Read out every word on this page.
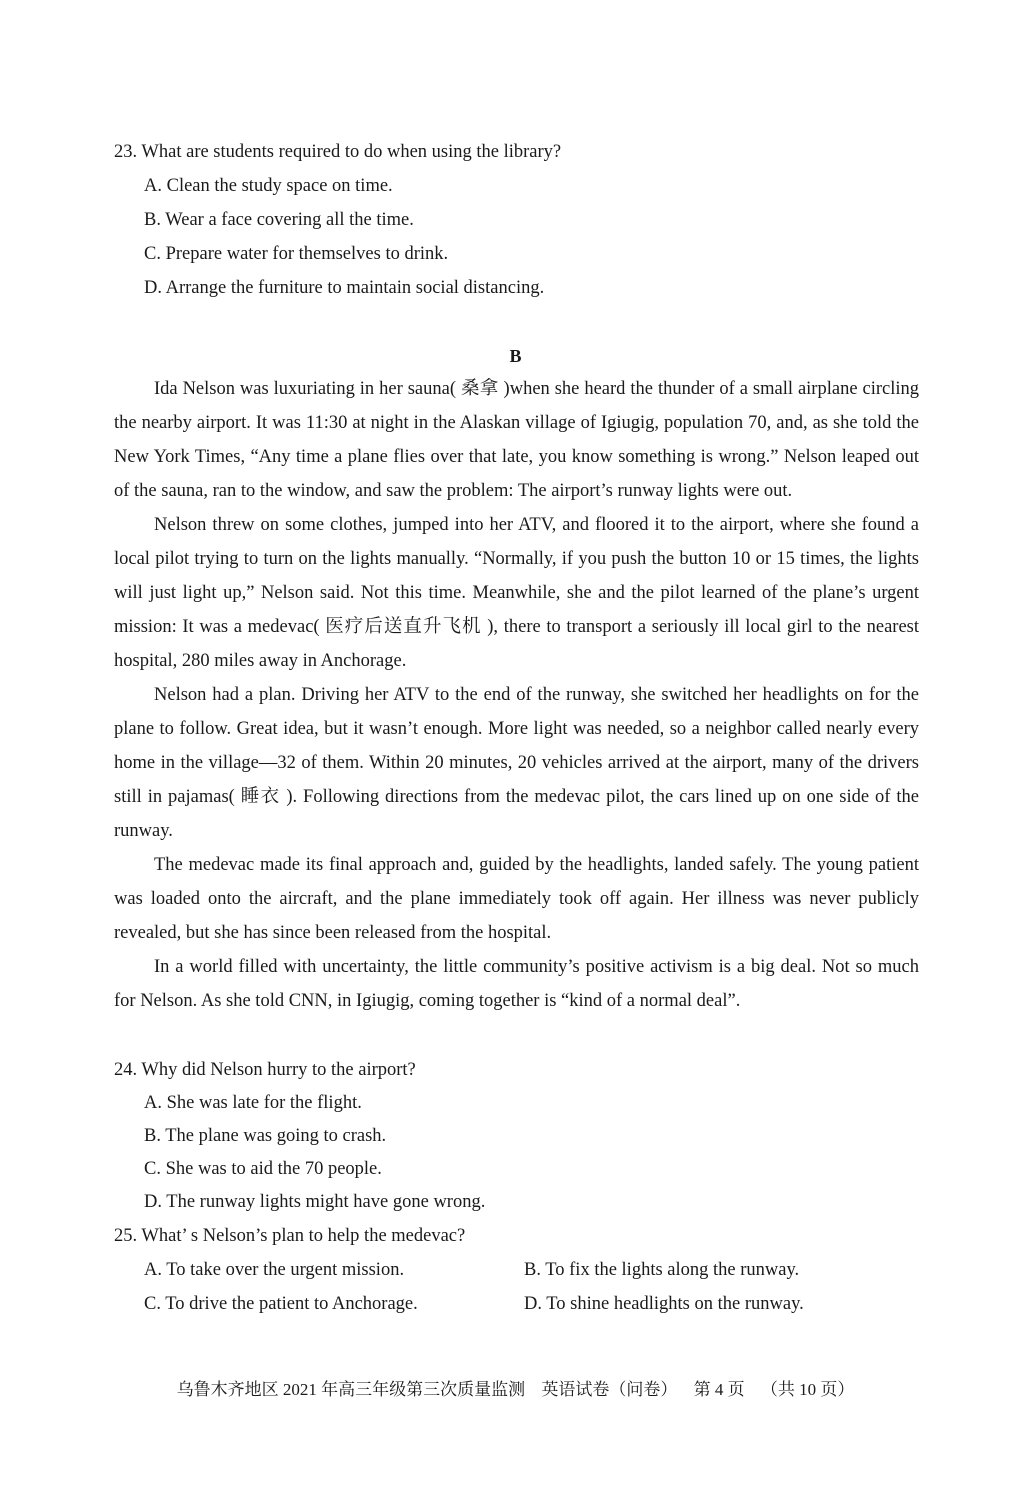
23. What are students required to do when using the library?
A. Clean the study space on time.
B. Wear a face covering all the time.
C. Prepare water for themselves to drink.
D. Arrange the furniture to maintain social distancing.
B

Ida Nelson was luxuriating in her sauna( 桑拿 )when she heard the thunder of a small airplane circling the nearby airport. It was 11:30 at night in the Alaskan village of Igiugig, population 70, and, as she told the New York Times, “Any time a plane flies over that late, you know something is wrong.” Nelson leaped out of the sauna, ran to the window, and saw the problem: The airport’s runway lights were out.

Nelson threw on some clothes, jumped into her ATV, and floored it to the airport, where she found a local pilot trying to turn on the lights manually. “Normally, if you push the button 10 or 15 times, the lights will just light up,” Nelson said. Not this time. Meanwhile, she and the pilot learned of the plane’s urgent mission: It was a medevac( 医疗后送直升飞机 ), there to transport a seriously ill local girl to the nearest hospital, 280 miles away in Anchorage.

Nelson had a plan. Driving her ATV to the end of the runway, she switched her headlights on for the plane to follow. Great idea, but it wasn’t enough. More light was needed, so a neighbor called nearly every home in the village—32 of them. Within 20 minutes, 20 vehicles arrived at the airport, many of the drivers still in pajamas( 睡衣 ). Following directions from the medevac pilot, the cars lined up on one side of the runway.

The medevac made its final approach and, guided by the headlights, landed safely. The young patient was loaded onto the aircraft, and the plane immediately took off again. Her illness was never publicly revealed, but she has since been released from the hospital.

In a world filled with uncertainty, the little community’s positive activism is a big deal. Not so much for Nelson. As she told CNN, in Igiugig, coming together is “kind of a normal deal”.

24. Why did Nelson hurry to the airport?
A. She was late for the flight.
B. The plane was going to crash.
C. She was to aid the 70 people.
D. The runway lights might have gone wrong.
25. What’ s Nelson’s plan to help the medevac?
A. To take over the urgent mission.	B. To fix the lights along the runway.
C. To drive the patient to Anchorage.	D. To shine headlights on the runway.
乌鲁木齐地区 2021 年高三年级第三次质量监测 英语试卷（问卷） 第 4 页 （共 10 页）
